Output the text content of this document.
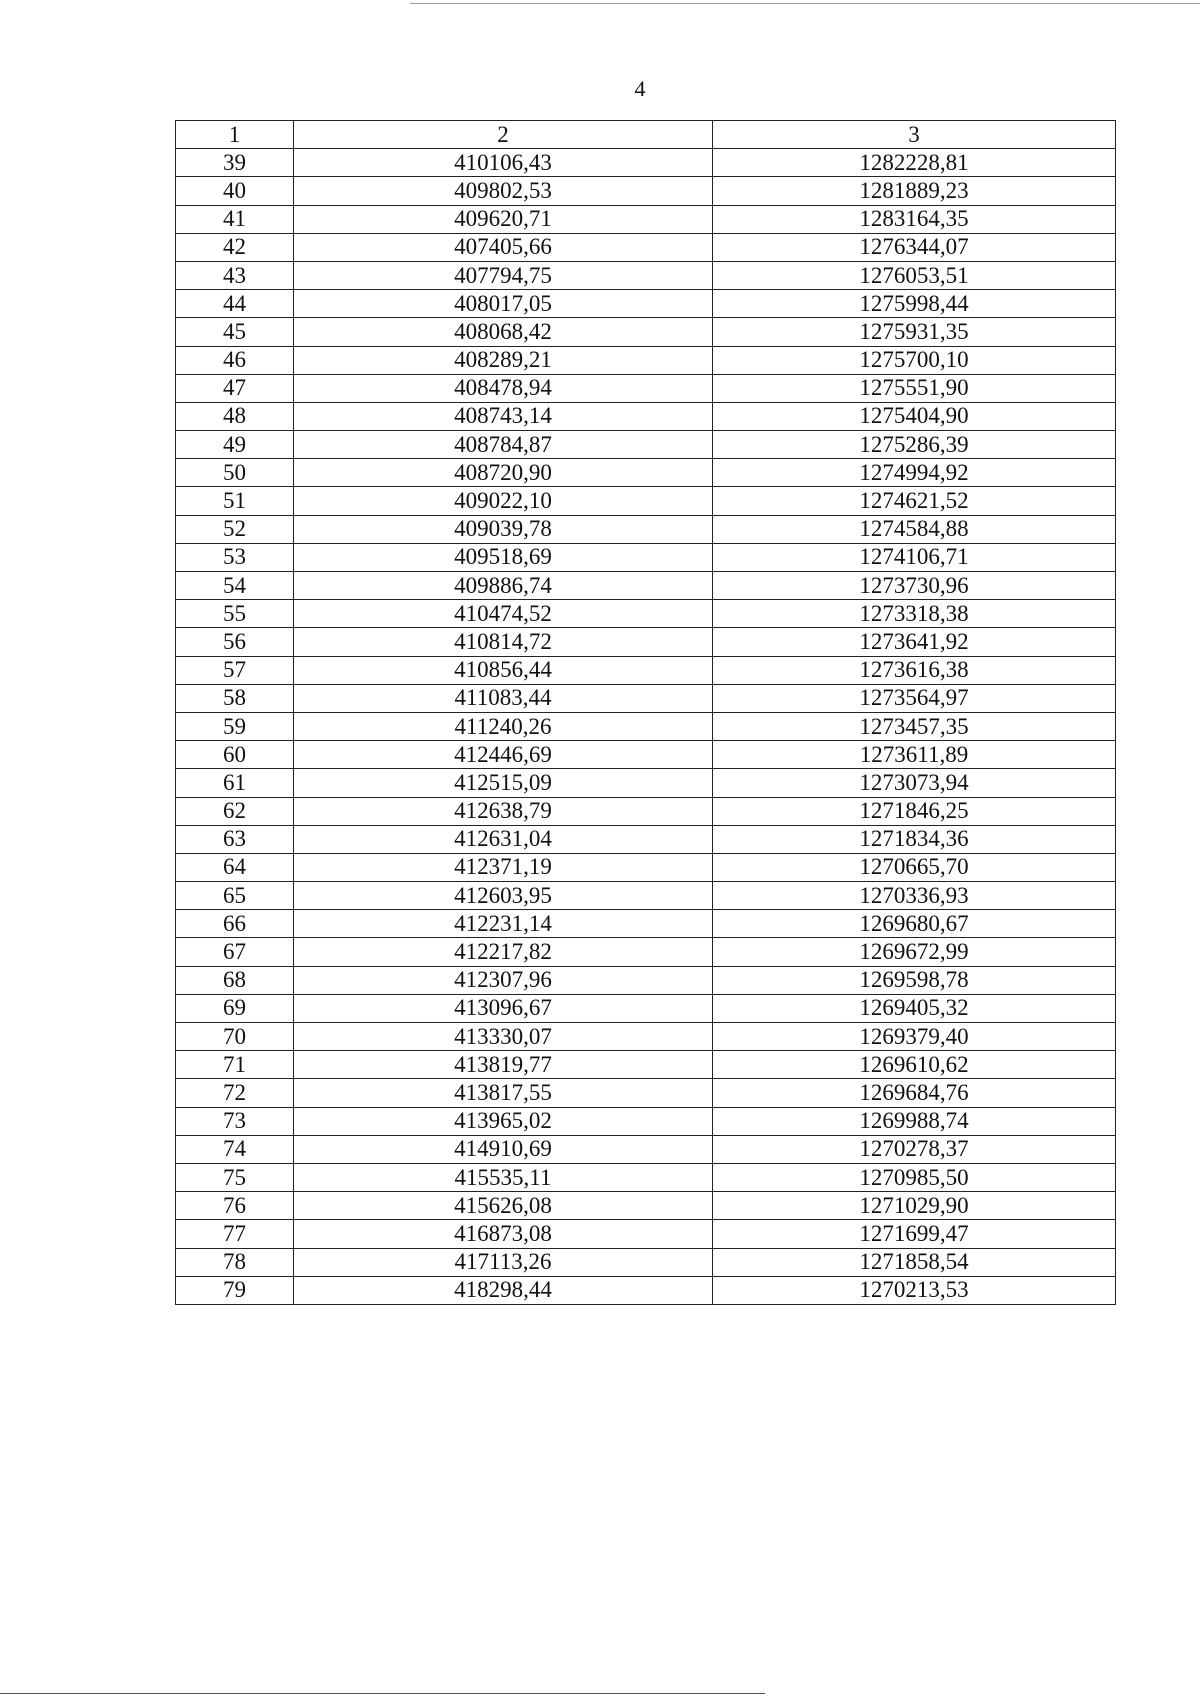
4
1	2	3
39	410106,43	1282228,81
40	409802,53	1281889,23
41	409620,71	1283164,35
42	407405,66	1276344,07
43	407794,75	1276053,51
44	408017,05	1275998,44
45	408068,42	1275931,35
46	408289,21	1275700,10
47	408478,94	1275551,90
48	408743,14	1275404,90
49	408784,87	1275286,39
50	408720,90	1274994,92
51	409022,10	1274621,52
52	409039,78	1274584,88
53	409518,69	1274106,71
54	409886,74	1273730,96
55	410474,52	1273318,38
56	410814,72	1273641,92
57	410856,44	1273616,38
58	411083,44	1273564,97
59	411240,26	1273457,35
60	412446,69	1273611,89
61	412515,09	1273073,94
62	412638,79	1271846,25
63	412631,04	1271834,36
64	412371,19	1270665,70
65	412603,95	1270336,93
66	412231,14	1269680,67
67	412217,82	1269672,99
68	412307,96	1269598,78
69	413096,67	1269405,32
70	413330,07	1269379,40
71	413819,77	1269610,62
72	413817,55	1269684,76
73	413965,02	1269988,74
74	414910,69	1270278,37
75	415535,11	1270985,50
76	415626,08	1271029,90
77	416873,08	1271699,47
78	417113,26	1271858,54
79	418298,44	1270213,53
